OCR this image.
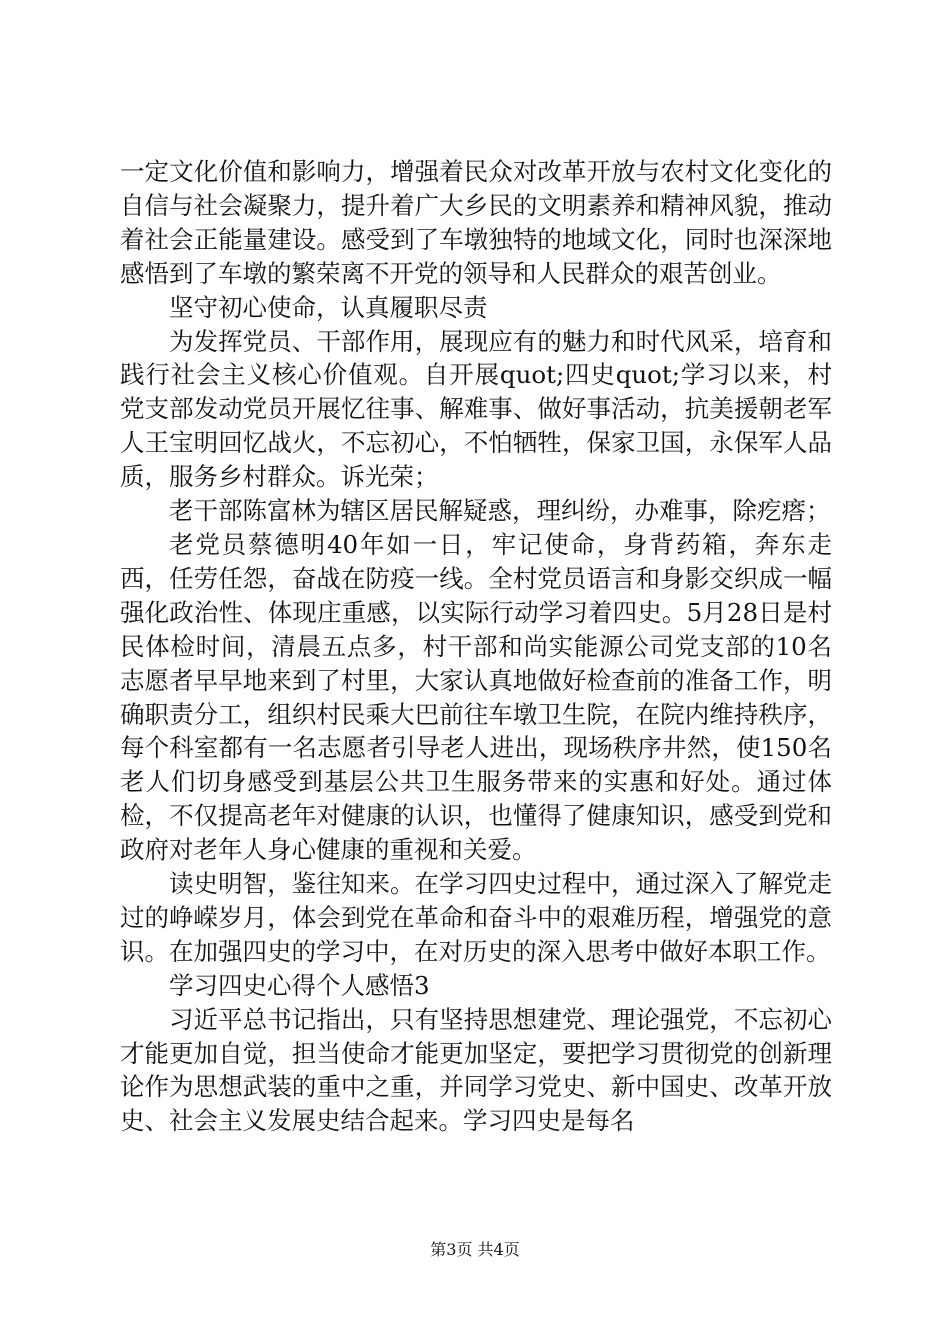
一定文化价值和影响力，增强着民众对改革开放与农村文化变化的自信与社会凝聚力，提升着广大乡民的文明素养和精神风貌，推动着社会正能量建设。感受到了车墩独特的地域文化，同时也深深地感悟到了车墩的繁荣离不开党的领导和人民群众的艰苦创业。

坚守初心使命，认真履职尽责

为发挥党员、干部作用，展现应有的魅力和时代风采，培育和践行社会主义核心价值观。自开展quot;四史quot;学习以来，村党支部发动党员开展忆往事、解难事、做好事活动，抗美援朝老军人王宝明回忆战火，不忘初心，不怕牺牲，保家卫国，永保军人品质，服务乡村群众。诉光荣；

老干部陈富林为辖区居民解疑惑，理纠纷，办难事，除疙瘩；

老党员蔡德明40年如一日，牢记使命，身背药箱，奔东走西，任劳任怨，奋战在防疫一线。全村党员语言和身影交织成一幅强化政治性、体现庄重感，以实际行动学习着四史。5月28日是村民体检时间，清晨五点多，村干部和尚实能源公司党支部的10名志愿者早早地来到了村里，大家认真地做好检查前的准备工作，明确职责分工，组织村民乘大巴前往车墩卫生院，在院内维持秩序，每个科室都有一名志愿者引导老人进出，现场秩序井然，使150名老人们切身感受到基层公共卫生服务带来的实惠和好处。通过体检，不仅提高老年对健康的认识，也懂得了健康知识，感受到党和政府对老年人身心健康的重视和关爱。

读史明智，鉴往知来。在学习四史过程中，通过深入了解党走过的峥嵘岁月，体会到党在革命和奋斗中的艰难历程，增强党的意识。在加强四史的学习中，在对历史的深入思考中做好本职工作。

学习四史心得个人感悟3

习近平总书记指出，只有坚持思想建党、理论强党，不忘初心才能更加自觉，担当使命才能更加坚定，要把学习贯彻党的创新理论作为思想武装的重中之重，并同学习党史、新中国史、改革开放史、社会主义发展史结合起来。学习四史是每名

第3页 共4页
